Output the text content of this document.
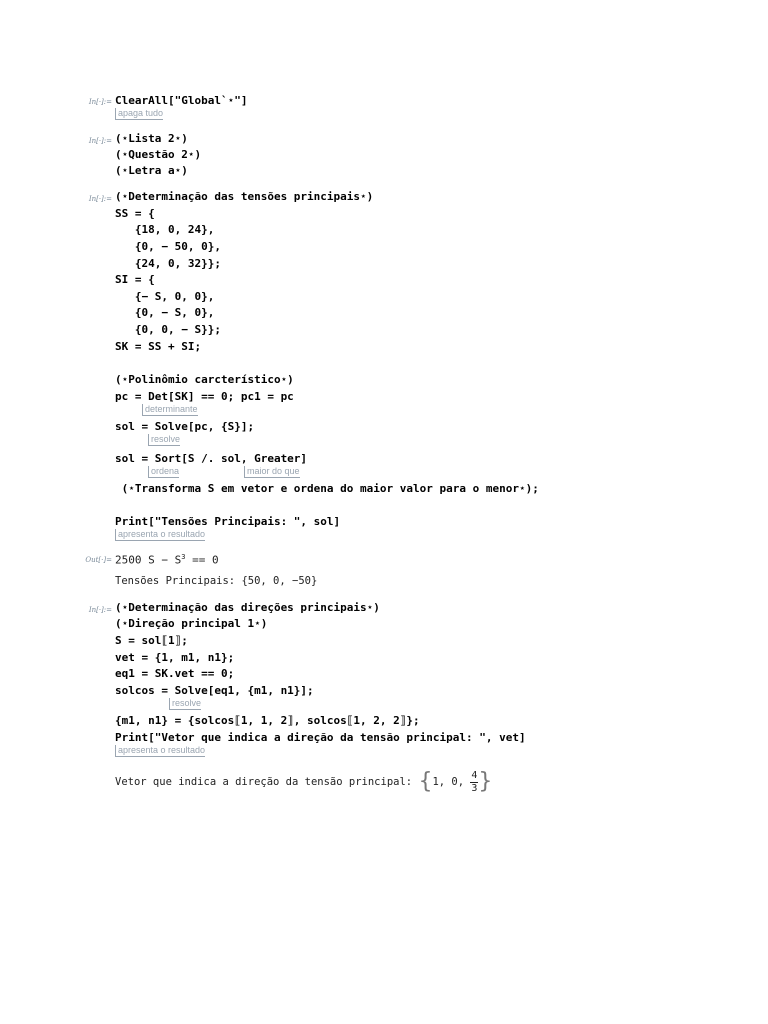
In[·]:= ClearAll["Global`⋆"]
apaga tudo
In[·]:= (⋆Lista 2⋆)
(⋆Questão 2⋆)
(⋆Letra a⋆)
In[·]:= (⋆Determinação das tensões principais⋆)
SS = {
{18, 0, 24},
{0, − 50, 0},
{24, 0, 32}};
SI = {
{− S, 0, 0},
{0, − S, 0},
{0, 0, − S}};
SK = SS + SI;
(⋆Polinômio carcterístico⋆)
pc = Det[SK] == 0; pc1 = pc
determinante
sol = Solve[pc, {S}];
resolve
sol = Sort[S /. sol, Greater]
ordena	maior do que
(⋆Transforma S em vetor e ordena do maior valor para o menor⋆);
Print["Tensões Principais: ", sol]
apresenta o resultado
Out[·]= 2500 $S - S^3 == 0$
Tensões Principais: {50, 0, −50}
In[·]:= (⋆Determinação das direções principais⋆)
(⋆Direção principal 1⋆)
S = sol⟦1⟧;
vet = {1, m1, n1};
eq1 = SK.vet == 0;
solcos = Solve[eq1, {m1, n1}];
resolve
{m1, n1} = {solcos⟦1, 1, 2⟧, solcos⟦1, 2, 2⟧};
Print["Vetor que indica a direção da tensão principal: ", vet]
apresenta o resultado
Vetor que indica a direção da tensão principal: {1, 0, $\frac{4}{3}$ }
